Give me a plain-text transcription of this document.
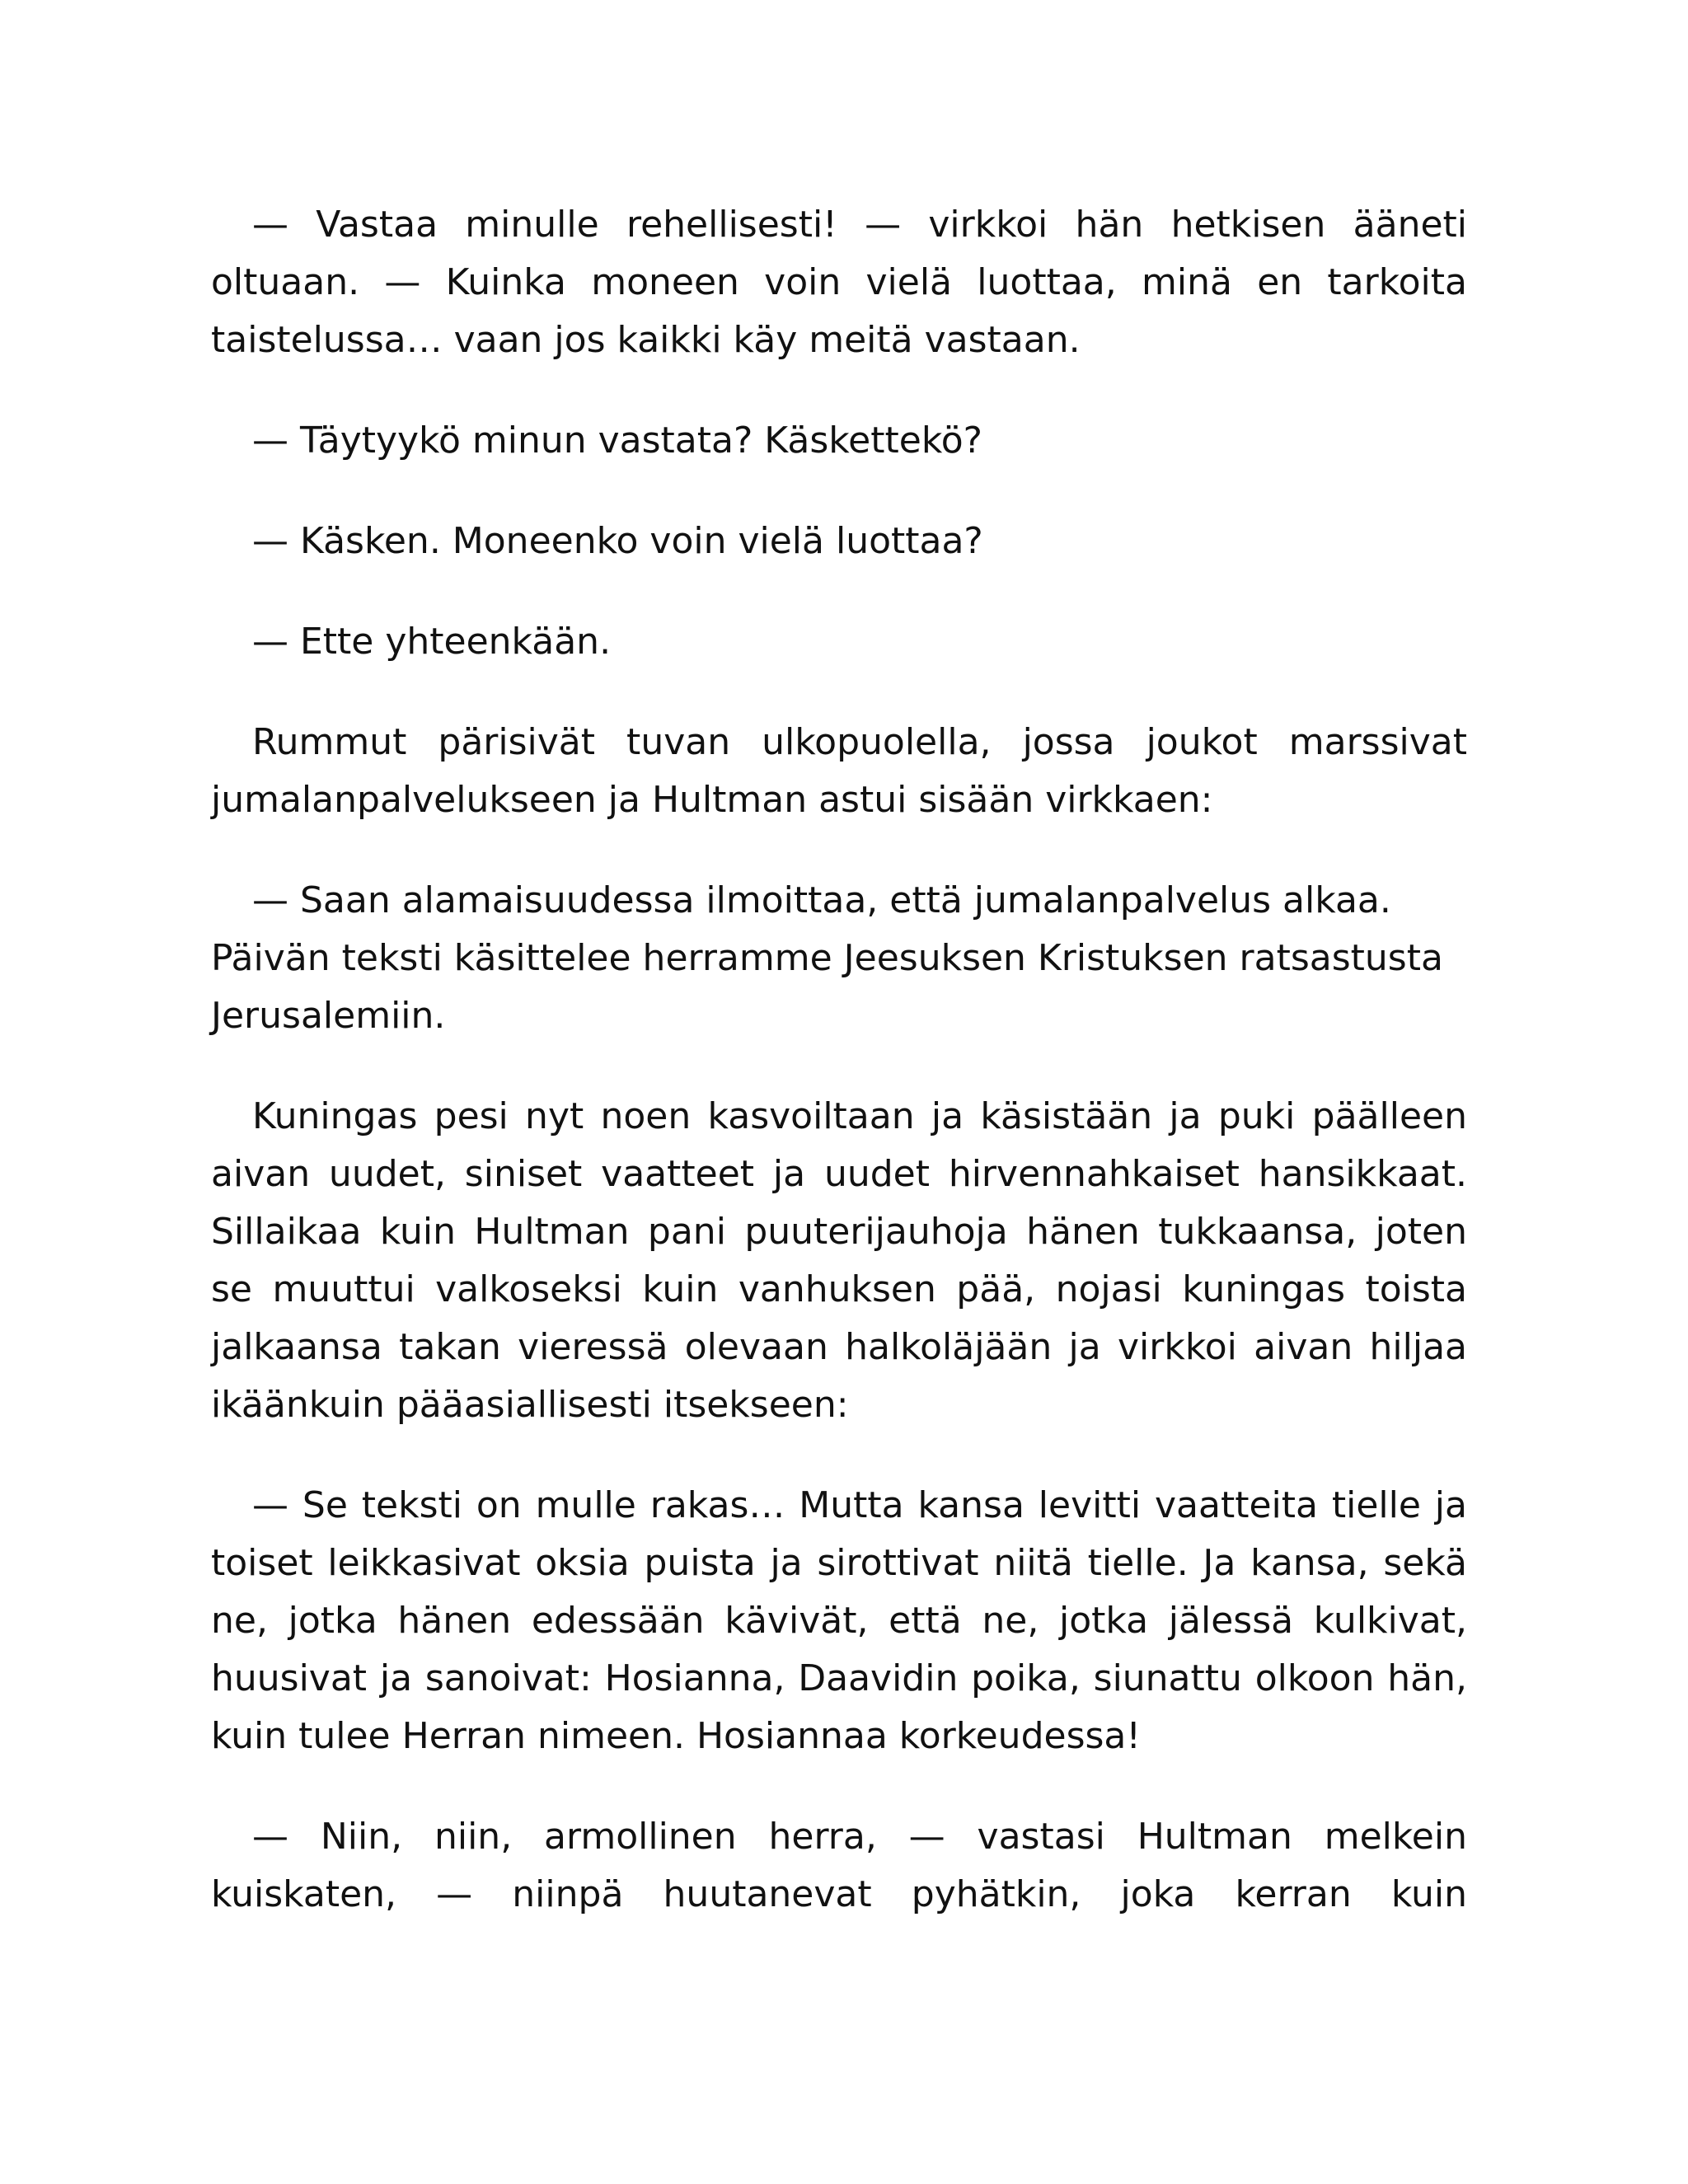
— Vastaa minulle rehellisesti! — virkkoi hän hetkisen ääneti oltuaan. — Kuinka moneen voin vielä luottaa, minä en tarkoita taistelussa… vaan jos kaikki käy meitä vastaan.

— Täytyykö minun vastata? Käskettekö?

— Käsken. Moneenko voin vielä luottaa?

— Ette yhteenkään.

Rummut pärisivät tuvan ulkopuolella, jossa joukot marssivat jumalanpalvelukseen ja Hultman astui sisään virkkaen:

— Saan alamaisuudessa ilmoittaa, että jumalanpalvelus alkaa. Päivän teksti käsittelee herramme Jeesuksen Kristuksen ratsastusta Jerusalemiin.

Kuningas pesi nyt noen kasvoiltaan ja käsistään ja puki päälleen aivan uudet, siniset vaatteet ja uudet hirvennahkaiset hansikkaat. Sillaikaa kuin Hultman pani puuterijauhoja hänen tukkaansa, joten se muuttui valkoseksi kuin vanhuksen pää, nojasi kuningas toista jalkaansa takan vieressä olevaan halkoläjään ja virkkoi aivan hiljaa ikäänkuin pääasiallisesti itsekseen:

— Se teksti on mulle rakas… Mutta kansa levitti vaatteita tielle ja toiset leikkasivat oksia puista ja sirottivat niitä tielle. Ja kansa, sekä ne, jotka hänen edessään kävivät, että ne, jotka jälessä kulkivat, huusivat ja sanoivat: Hosianna, Daavidin poika, siunattu olkoon hän, kuin tulee Herran nimeen. Hosiannaa korkeudessa!

— Niin, niin, armollinen herra, — vastasi Hultman melkein kuiskaten, — niinpä huutanevat pyhätkin, joka kerran kuin
